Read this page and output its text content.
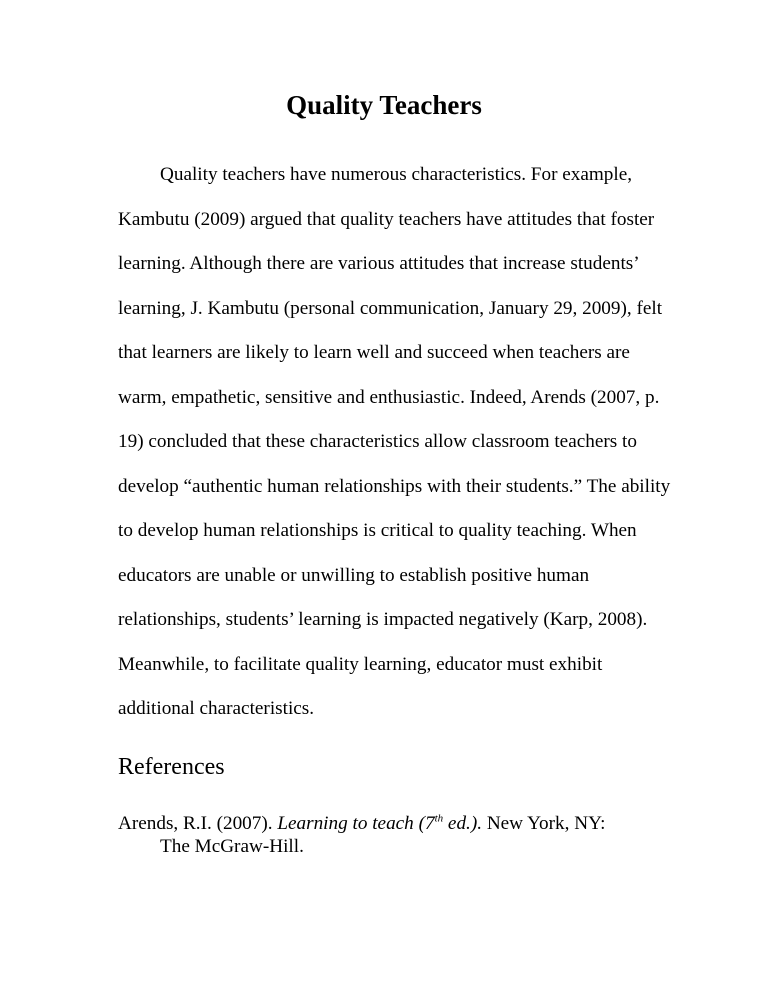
Quality Teachers

Quality teachers have numerous characteristics. For example,
Kambutu (2009) argued that quality teachers have attitudes that foster
learning. Although there are various attitudes that increase students’
learning, J. Kambutu (personal communication, January 29, 2009), felt
that learners are likely to learn well and succeed when teachers are
warm, empathetic, sensitive and enthusiastic. Indeed, Arends (2007, p.
19) concluded that these characteristics allow classroom teachers to
develop “authentic human relationships with their students.” The ability
to develop human relationships is critical to quality teaching. When
educators are unable or unwilling to establish positive human
relationships, students’ learning is impacted negatively (Karp, 2008).
Meanwhile, to facilitate quality learning, educator must exhibit
additional characteristics.

References

Arends, R.I. (2007). Learning to teach (7th ed.). New York, NY:
The McGraw-Hill.
